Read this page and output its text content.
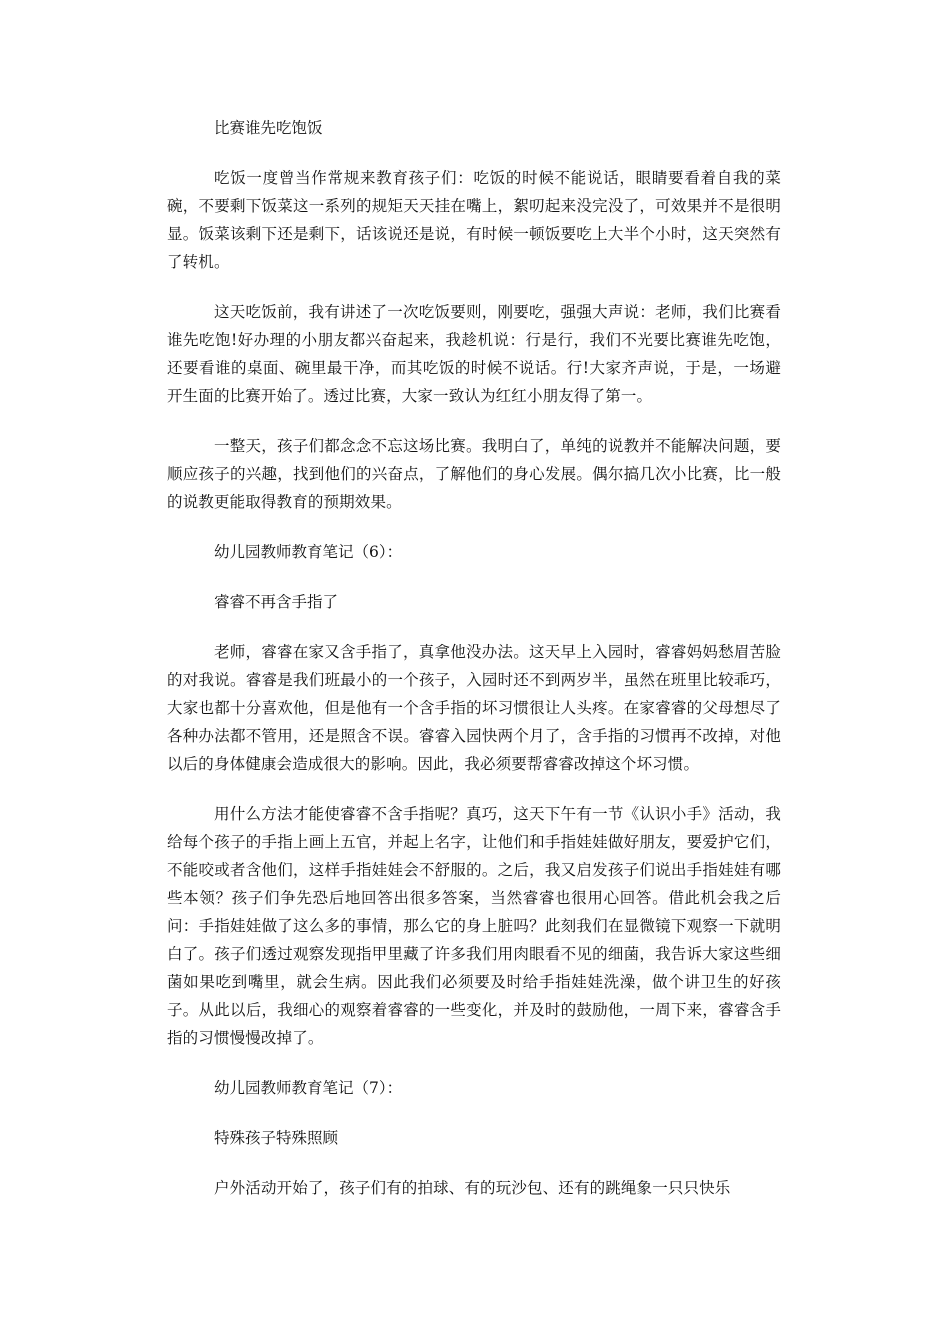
比赛谁先吃饱饭
吃饭一度曾当作常规来教育孩子们：吃饭的时候不能说话，眼睛要看着自我的菜碗，不要剩下饭菜这一系列的规矩天天挂在嘴上，絮叨起来没完没了，可效果并不是很明显。饭菜该剩下还是剩下，话该说还是说，有时候一顿饭要吃上大半个小时，这天突然有了转机。
这天吃饭前，我有讲述了一次吃饭要则，刚要吃，强强大声说：老师，我们比赛看谁先吃饱!好办理的小朋友都兴奋起来，我趁机说：行是行，我们不光要比赛谁先吃饱，还要看谁的桌面、碗里最干净，而其吃饭的时候不说话。行!大家齐声说，于是，一场避开生面的比赛开始了。透过比赛，大家一致认为红红小朋友得了第一。
一整天，孩子们都念念不忘这场比赛。我明白了，单纯的说教并不能解决问题，要顺应孩子的兴趣，找到他们的兴奋点，了解他们的身心发展。偶尔搞几次小比赛，比一般的说教更能取得教育的预期效果。
幼儿园教师教育笔记（6）：
睿睿不再含手指了
老师，睿睿在家又含手指了，真拿他没办法。这天早上入园时，睿睿妈妈愁眉苦脸的对我说。睿睿是我们班最小的一个孩子，入园时还不到两岁半，虽然在班里比较乖巧，大家也都十分喜欢他，但是他有一个含手指的坏习惯很让人头疼。在家睿睿的父母想尽了各种办法都不管用，还是照含不误。睿睿入园快两个月了，含手指的习惯再不改掉，对他以后的身体健康会造成很大的影响。因此，我必须要帮睿睿改掉这个坏习惯。
用什么方法才能使睿睿不含手指呢？真巧，这天下午有一节《认识小手》活动，我给每个孩子的手指上画上五官，并起上名字，让他们和手指娃娃做好朋友，要爱护它们，不能咬或者含他们，这样手指娃娃会不舒服的。之后，我又启发孩子们说出手指娃娃有哪些本领？孩子们争先恐后地回答出很多答案，当然睿睿也很用心回答。借此机会我之后问：手指娃娃做了这么多的事情，那么它的身上脏吗？此刻我们在显微镜下观察一下就明白了。孩子们透过观察发现指甲里藏了许多我们用肉眼看不见的细菌，我告诉大家这些细菌如果吃到嘴里，就会生病。因此我们必须要及时给手指娃娃洗澡，做个讲卫生的好孩子。从此以后，我细心的观察着睿睿的一些变化，并及时的鼓励他，一周下来，睿睿含手指的习惯慢慢改掉了。
幼儿园教师教育笔记（7）：
特殊孩子特殊照顾
户外活动开始了，孩子们有的拍球、有的玩沙包、还有的跳绳象一只只快乐
